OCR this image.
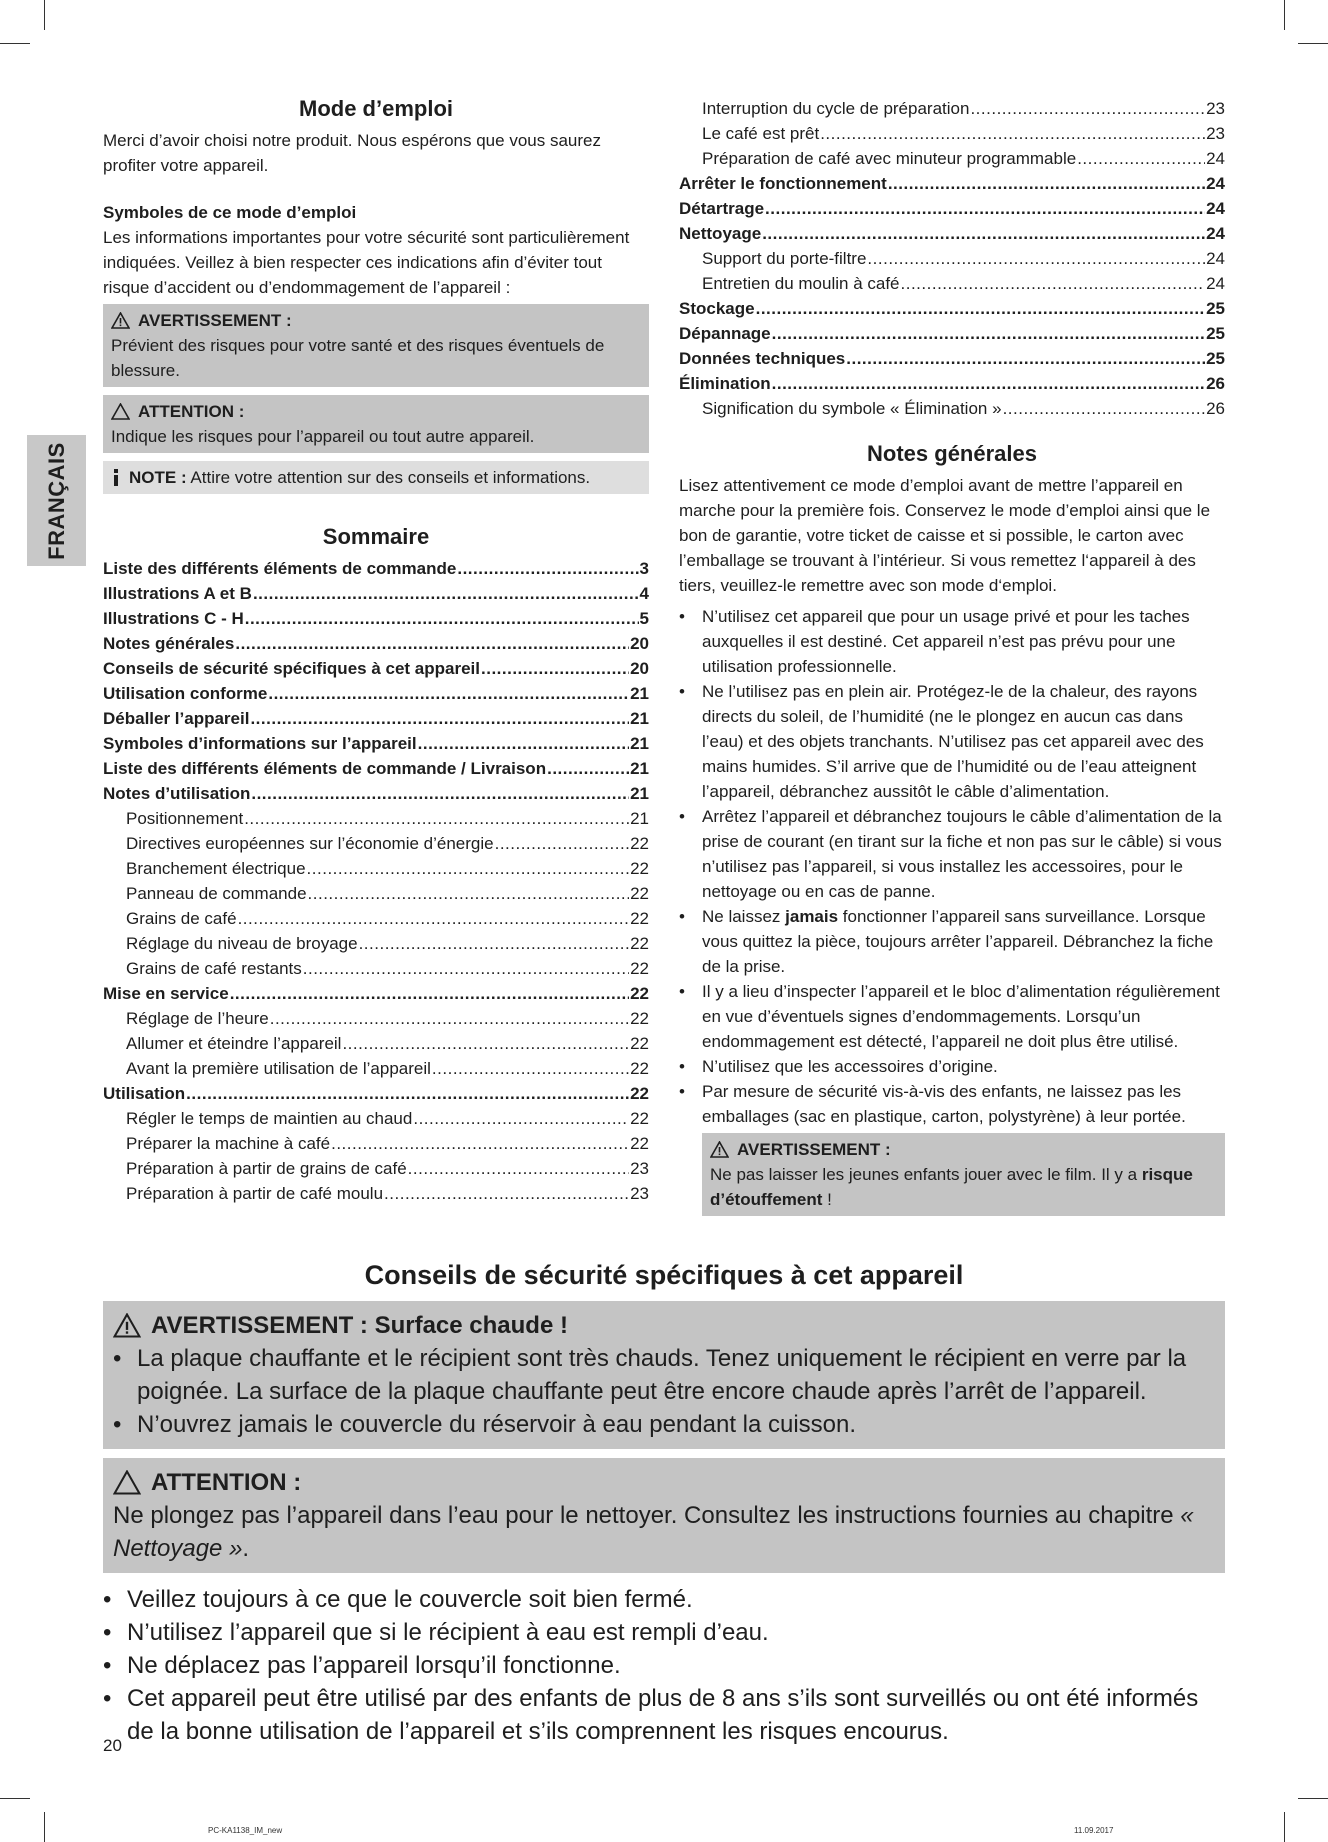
FRANÇAIS
Mode d’emploi

Merci d’avoir choisi notre produit. Nous espérons que vous saurez profiter votre appareil.

Symboles de ce mode d’emploi

Les informations importantes pour votre sécurité sont particulièrement indiquées. Veillez à bien respecter ces indications afin d’éviter tout risque d’accident ou d’endommagement de l’appareil :

AVERTISSEMENT :

Prévient des risques pour votre santé et des risques éventuels de blessure.

ATTENTION :

Indique les risques pour l’appareil ou tout autre appareil.

NOTE : Attire votre attention sur des conseils et informations.
Sommaire
Liste des différents éléments de commande .....	3
Illustrations A et B .....	4
Illustrations C - H .....	5
Notes générales .....	20
Conseils de sécurité spécifiques à cet appareil .....	20
Utilisation conforme .....	21
Déballer l’appareil .....	21
Symboles d’informations sur l’appareil .....	21
Liste des différents éléments de commande / Livraison .....	21
Notes d’utilisation .....	21
Positionnement .....	21
Directives européennes sur l’économie d’énergie .....	22
Branchement électrique .....	22
Panneau de commande .....	22
Grains de café .....	22
Réglage du niveau de broyage .....	22
Grains de café restants .....	22
Mise en service .....	22
Réglage de l’heure .....	22
Allumer et éteindre l’appareil .....	22
Avant la première utilisation de l’appareil .....	22
Utilisation .....	22
Régler le temps de maintien au chaud .....	22
Préparer la machine à café .....	22
Préparation à partir de grains de café .....	23
Préparation à partir de café moulu .....	23
Interruption du cycle de préparation .....	23
Le café est prêt .....	23
Préparation de café avec minuteur programmable .....	24
Arrêter le fonctionnement .....	24
Détartrage .....	24
Nettoyage .....	24
Support du porte-filtre .....	24
Entretien du moulin à café .....	24
Stockage .....	25
Dépannage .....	25
Données techniques .....	25
Élimination .....	26
Signification du symbole « Élimination » .....	26
Notes générales

Lisez attentivement ce mode d’emploi avant de mettre l’appareil en marche pour la première fois. Conservez le mode d’emploi ainsi que le bon de garantie, votre ticket de caisse et si possible, le carton avec l’emballage se trouvant à l’intérieur. Si vous remettez l‘appareil à des tiers, veuillez-le remettre avec son mode d‘emploi.

• N’utilisez cet appareil que pour un usage privé et pour les taches auxquelles il est destiné. Cet appareil n’est pas prévu pour une utilisation professionnelle.
• Ne l’utilisez pas en plein air. Protégez-le de la chaleur, des rayons directs du soleil, de l’humidité (ne le plongez en aucun cas dans l’eau) et des objets tranchants. N’utilisez pas cet appareil avec des mains humides. S’il arrive que de l’humidité ou de l’eau atteignent l’appareil, débranchez aussitôt le câble d’alimentation.
• Arrêtez l’appareil et débranchez toujours le câble d’alimentation de la prise de courant (en tirant sur la fiche et non pas sur le câble) si vous n’utilisez pas l’appareil, si vous installez les accessoires, pour le nettoyage ou en cas de panne.
• Ne laissez jamais fonctionner l’appareil sans surveillance. Lorsque vous quittez la pièce, toujours arrêter l’appareil. Débranchez la fiche de la prise.
• Il y a lieu d’inspecter l’appareil et le bloc d’alimentation régulièrement en vue d’éventuels signes d’endommagements. Lorsqu’un endommagement est détecté, l’appareil ne doit plus être utilisé.
• N’utilisez que les accessoires d’origine.
• Par mesure de sécurité vis-à-vis des enfants, ne laissez pas les emballages (sac en plastique, carton, polystyrène) à leur portée.
AVERTISSEMENT :

Ne pas laisser les jeunes enfants jouer avec le film. Il y a risque d’étouffement !

Conseils de sécurité spécifiques à cet appareil
AVERTISSEMENT : Surface chaude !
• La plaque chauffante et le récipient sont très chauds. Tenez uniquement le récipient en verre par la poignée. La surface de la plaque chauffante peut être encore chaude après l’arrêt de l’appareil.
• N’ouvrez jamais le couvercle du réservoir à eau pendant la cuisson.
ATTENTION :

Ne plongez pas l’appareil dans l’eau pour le nettoyer. Consultez les instructions fournies au chapitre « Nettoyage ».

• Veillez toujours à ce que le couvercle soit bien fermé.
• N’utilisez l’appareil que si le récipient à eau est rempli d’eau.
• Ne déplacez pas l’appareil lorsqu’il fonctionne.
• Cet appareil peut être utilisé par des enfants de plus de 8 ans s’ils sont surveillés ou ont été informés de la bonne utilisation de l’appareil et s’ils comprennent les risques encourus.
20
PC-KA1138_IM_new	11.09.2017
